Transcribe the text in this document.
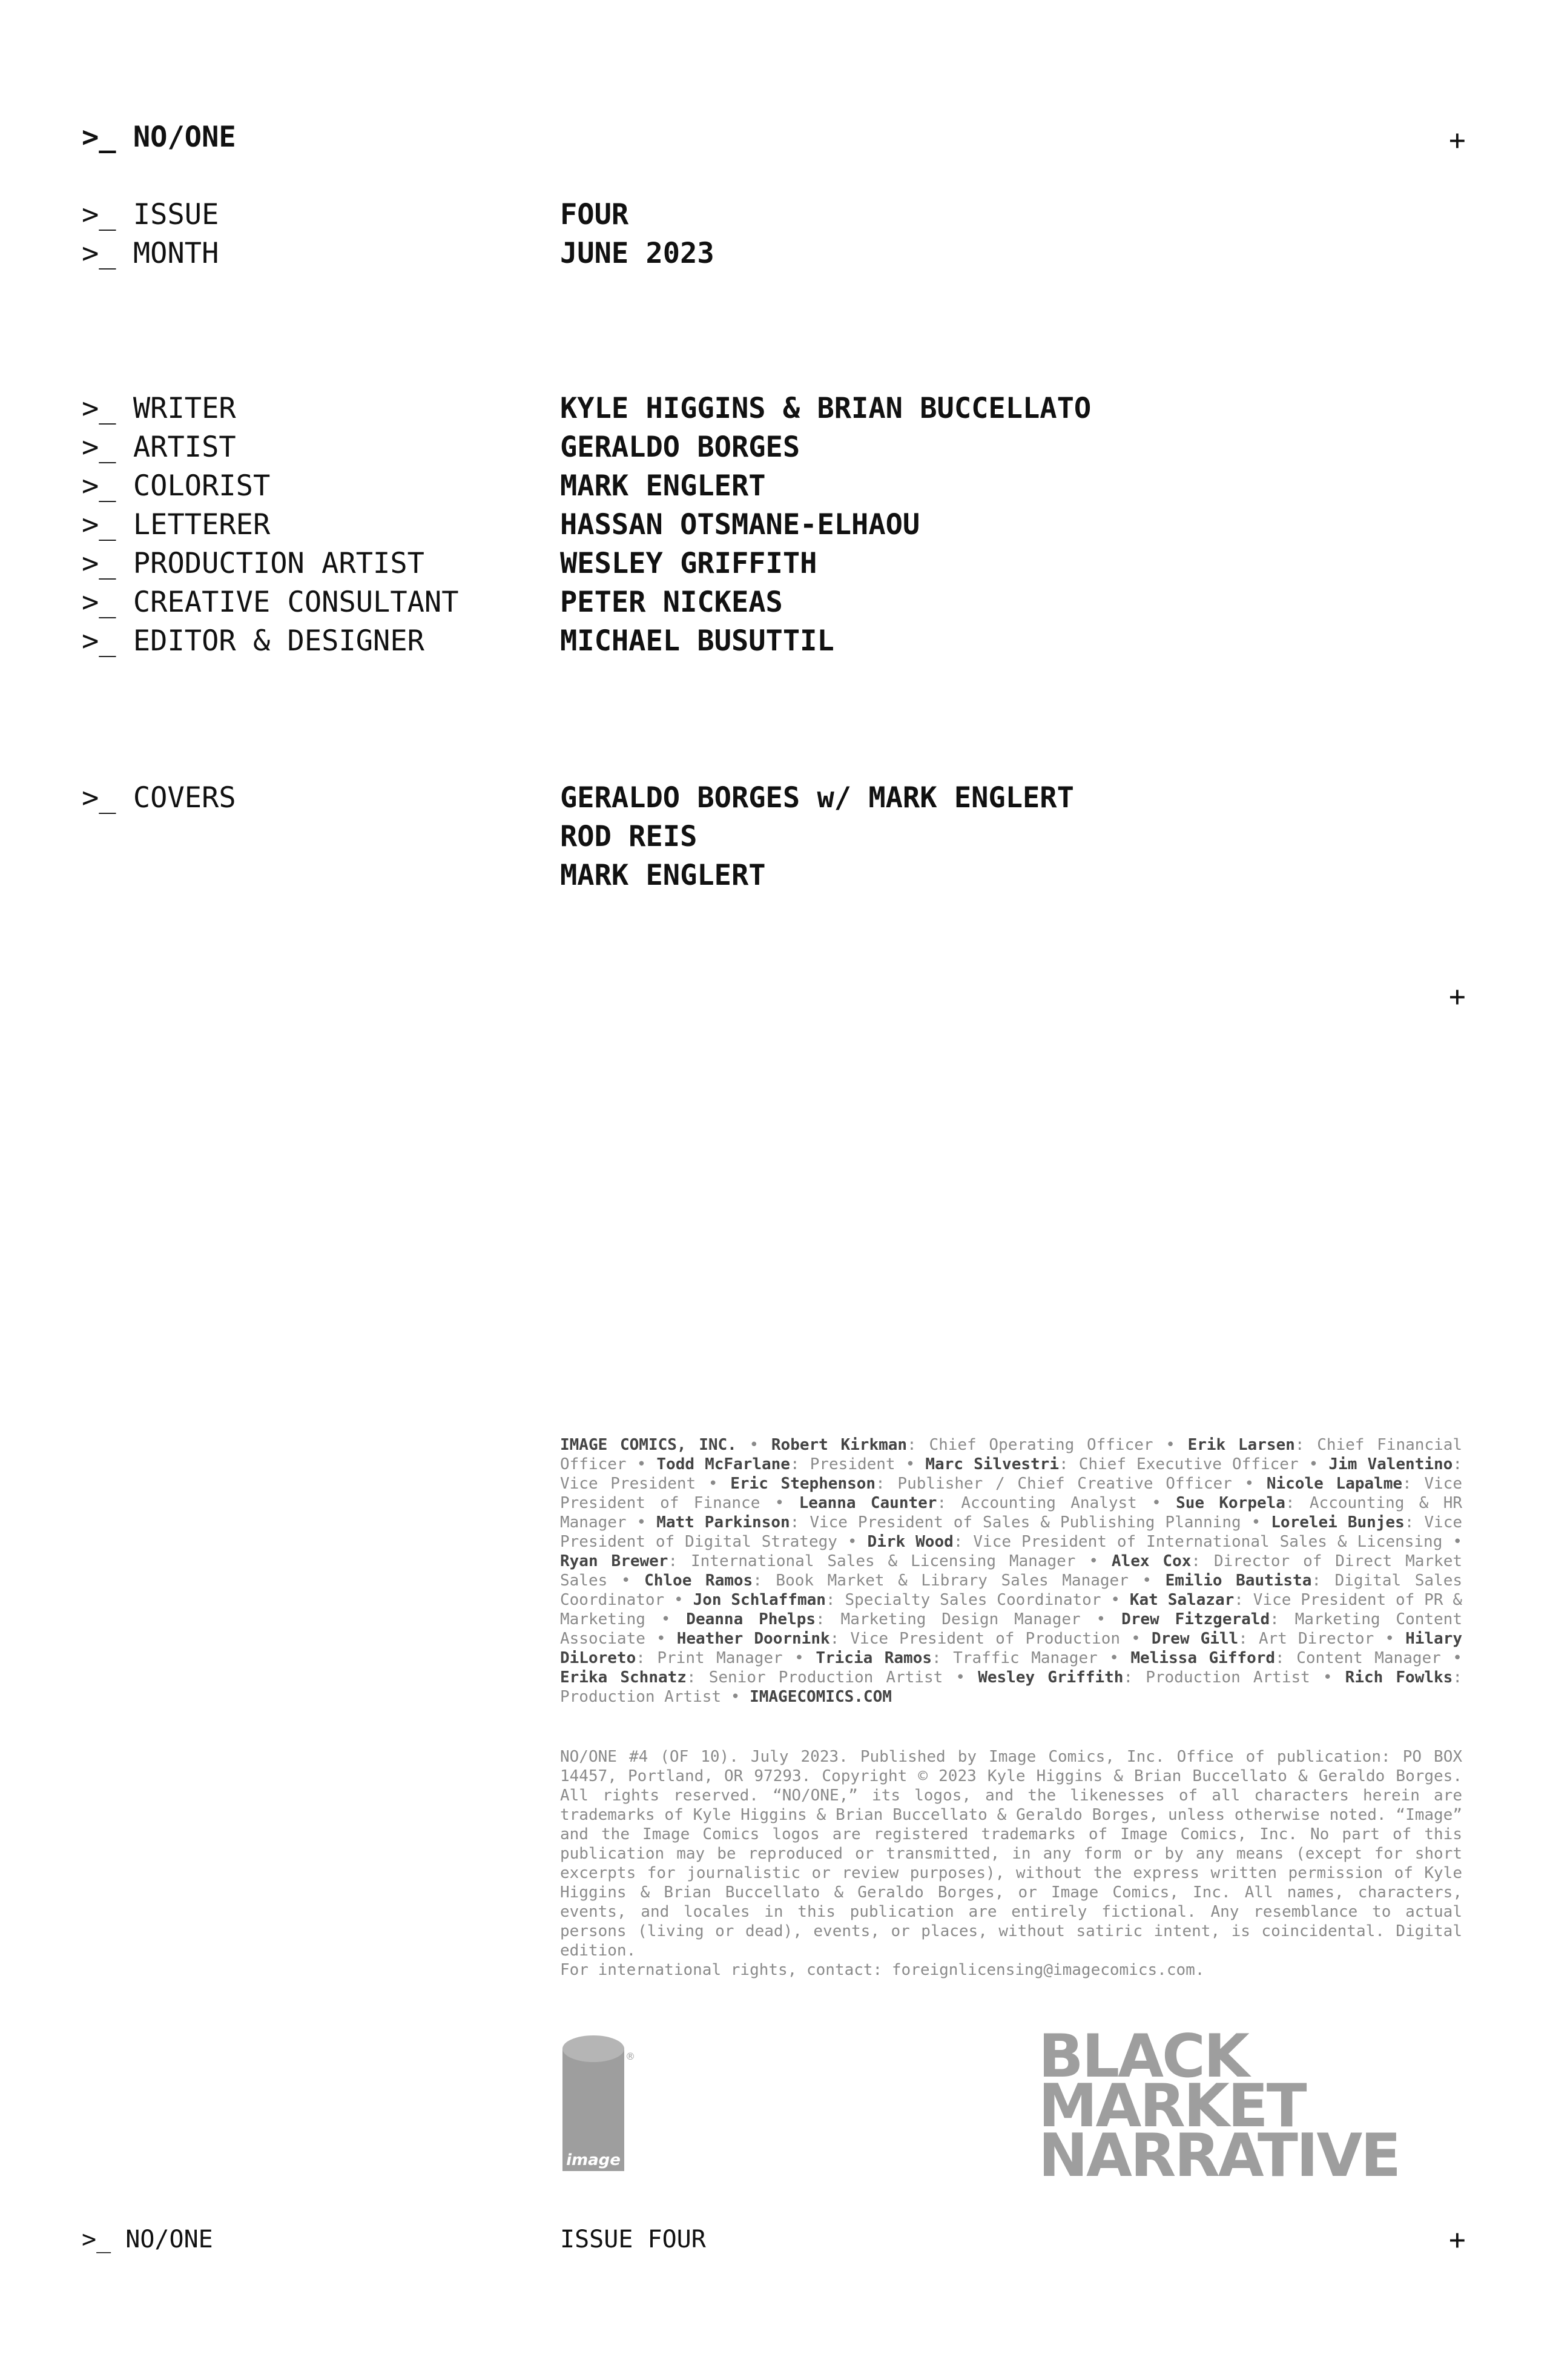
>_ NO/ONE	+
>_ ISSUE	FOUR
>_ MONTH	JUNE 2023
>_ WRITER	KYLE HIGGINS & BRIAN BUCCELLATO
>_ ARTIST	GERALDO BORGES
>_ COLORIST	MARK ENGLERT
>_ LETTERER	HASSAN OTSMANE-ELHAOU
>_ PRODUCTION ARTIST	WESLEY GRIFFITH
>_ CREATIVE CONSULTANT	PETER NICKEAS
>_ EDITOR & DESIGNER	MICHAEL BUSUTTIL
>_ COVERS	GERALDO BORGES w/ MARK ENGLERT
ROD REIS
MARK ENGLERT
+
IMAGE COMICS, INC. • Robert Kirkman: Chief Operating Officer • Erik Larsen: Chief Financial Officer • Todd McFarlane: President • Marc Silvestri: Chief Executive Officer • Jim Valentino: Vice President • Eric Stephenson: Publisher / Chief Creative Officer • Nicole Lapalme: Vice President of Finance • Leanna Caunter: Accounting Analyst • Sue Korpela: Accounting & HR Manager • Matt Parkinson: Vice President of Sales & Publishing Planning • Lorelei Bunjes: Vice President of Digital Strategy • Dirk Wood: Vice President of International Sales & Licensing • Ryan Brewer: International Sales & Licensing Manager • Alex Cox: Director of Direct Market Sales • Chloe Ramos: Book Market & Library Sales Manager • Emilio Bautista: Digital Sales Coordinator • Jon Schlaffman: Specialty Sales Coordinator • Kat Salazar: Vice President of PR & Marketing • Deanna Phelps: Marketing Design Manager • Drew Fitzgerald: Marketing Content Associate • Heather Doornink: Vice President of Production • Drew Gill: Art Director • Hilary DiLoreto: Print Manager • Tricia Ramos: Traffic Manager • Melissa Gifford: Content Manager • Erika Schnatz: Senior Production Artist • Wesley Griffith: Production Artist • Rich Fowlks: Production Artist • IMAGECOMICS.COM
NO/ONE #4 (OF 10). July 2023. Published by Image Comics, Inc. Office of publication: PO BOX 14457, Portland, OR 97293. Copyright © 2023 Kyle Higgins & Brian Buccellato & Geraldo Borges. All rights reserved. “NO/ONE,” its logos, and the likenesses of all characters herein are trademarks of Kyle Higgins & Brian Buccellato & Geraldo Borges, unless otherwise noted. “Image” and the Image Comics logos are registered trademarks of Image Comics, Inc. No part of this publication may be reproduced or transmitted, in any form or by any means (except for short excerpts for journalistic or review purposes), without the express written permission of Kyle Higgins & Brian Buccellato & Geraldo Borges, or Image Comics, Inc. All names, characters, events, and locales in this publication are entirely fictional. Any resemblance to actual persons (living or dead), events, or places, without satiric intent, is coincidental. Digital edition.
For international rights, contact: foreignlicensing@imagecomics.com.
®
image
BLACK
MARKET
NARRATIVE
>_ NO/ONE	ISSUE FOUR	+
